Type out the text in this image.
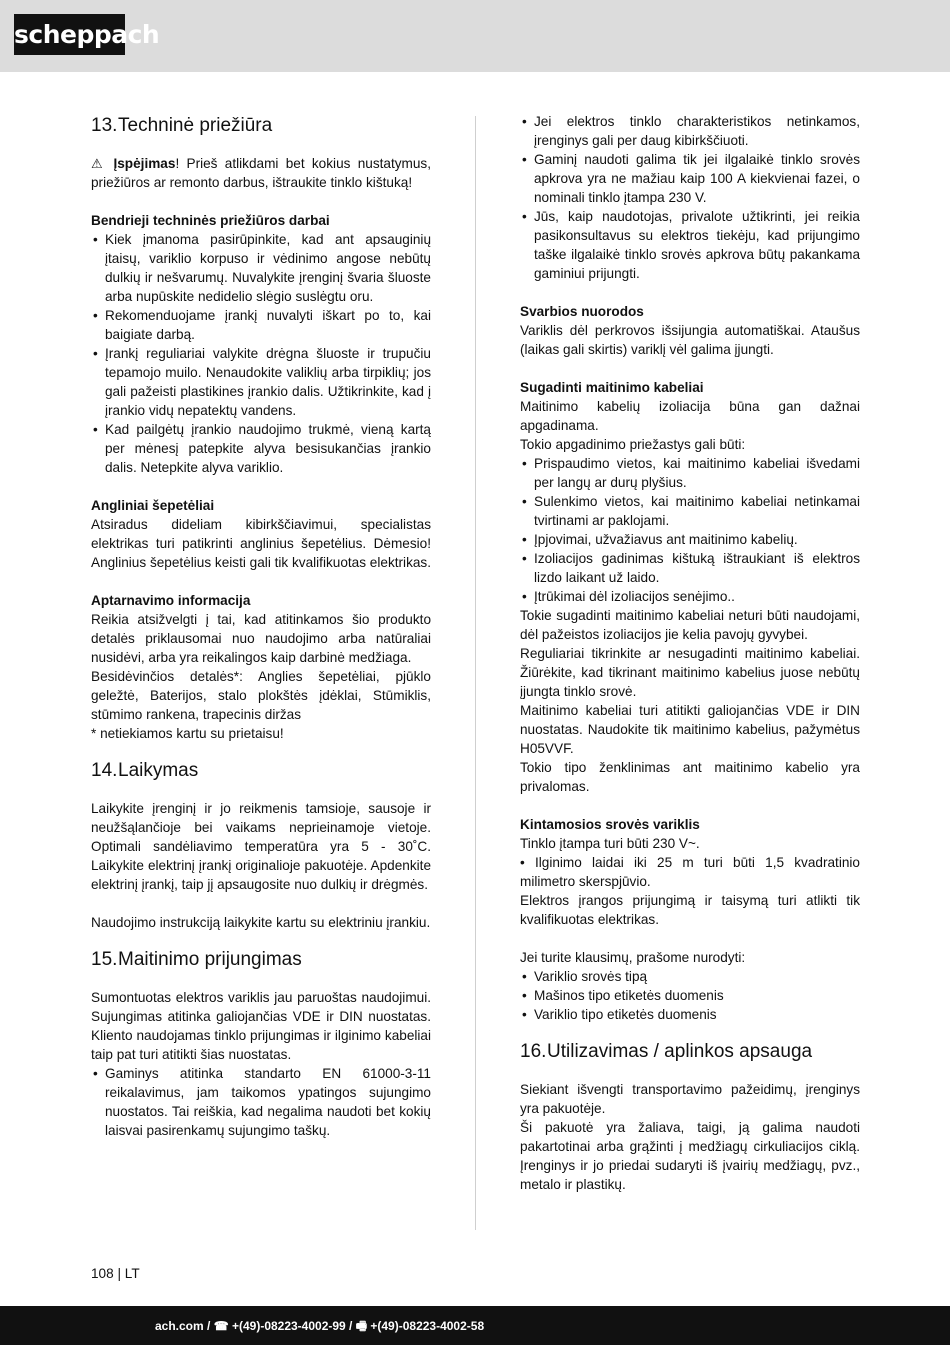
scheppach
13.Techninė priežiūra

⚠ Įspėjimas! Prieš atlikdami bet kokius nustatymus, priežiūros ar remonto darbus, ištraukite tinklo kištuką!

Bendrieji techninės priežiūros darbai

• Kiek įmanoma pasirūpinkite, kad ant apsauginių įtaisų, variklio korpuso ir vėdinimo angose nebūtų dulkių ir nešvarumų. Nuvalykite įrenginį švaria šluoste arba nupūskite nedidelio slėgio suslėgtu oru.
• Rekomenduojame įrankį nuvalyti iškart po to, kai baigiate darbą.
• Įrankį reguliariai valykite drėgna šluoste ir trupučiu tepamojo muilo. Nenaudokite valiklių arba tirpiklių; jos gali pažeisti plastikines įrankio dalis. Užtikrinkite, kad į įrankio vidų nepatektų vandens.
• Kad pailgėtų įrankio naudojimo trukmė, vieną kartą per mėnesį patepkite alyva besisukančias įrankio dalis. Netepkite alyva variklio.

Angliniai šepetėliai

Atsiradus dideliam kibirkščiavimui, specialistas elektrikas turi patikrinti anglinius šepetėlius. Dėmesio! Anglinius šepetėlius keisti gali tik kvalifikuotas elektrikas.

Aptarnavimo informacija

Reikia atsižvelgti į tai, kad atitinkamos šio produkto detalės priklausomai nuo naudojimo arba natūraliai nusidėvi, arba yra reikalingos kaip darbinė medžiaga.

Besidėvinčios detalės*: Anglies šepetėliai, pjūklo geležtė, Baterijos, stalo plokštės įdėklai, Stūmiklis, stūmimo rankena, trapecinis diržas

* netiekiamos kartu su prietaisu!

14.Laikymas

Laikykite įrenginį ir jo reikmenis tamsioje, sausoje ir neužšąlančioje bei vaikams neprieinamoje vietoje. Optimali sandėliavimo temperatūra yra 5 - 30˚C. Laikykite elektrinį įrankį originalioje pakuotėje. Apdenkite elektrinį įrankį, taip jį apsaugosite nuo dulkių ir drėgmės.

Naudojimo instrukciją laikykite kartu su elektriniu įrankiu.

15.Maitinimo prijungimas

Sumontuotas elektros variklis jau paruoštas naudojimui. Sujungimas atitinka galiojančias VDE ir DIN nuostatas. Kliento naudojamas tinklo prijungimas ir ilginimo kabeliai taip pat turi atitikti šias nuostatas.

• Gaminys atitinka standarto EN 61000-3-11 reikalavimus, jam taikomos ypatingos sujungimo nuostatos. Tai reiškia, kad negalima naudoti bet kokių laisvai pasirenkamų sujungimo taškų.
• Jei elektros tinklo charakteristikos netinkamos, įrenginys gali per daug kibirkščiuoti.
• Gaminį naudoti galima tik jei ilgalaikė tinklo srovės apkrova yra ne mažiau kaip 100 A kiekvienai fazei, o nominali tinklo įtampa 230 V.
• Jūs, kaip naudotojas, privalote užtikrinti, jei reikia pasikonsultavus su elektros tiekėju, kad prijungimo taške ilgalaikė tinklo srovės apkrova būtų pakankama gaminiui prijungti.

Svarbios nuorodos

Variklis dėl perkrovos išsijungia automatiškai. Ataušus (laikas gali skirtis) variklį vėl galima įjungti.

Sugadinti maitinimo kabeliai

Maitinimo kabelių izoliacija būna gan dažnai apgadinama.

Tokio apgadinimo priežastys gali būti:

• Prispaudimo vietos, kai maitinimo kabeliai išvedami per langų ar durų plyšius.
• Sulenkimo vietos, kai maitinimo kabeliai netinkamai tvirtinami ar paklojami.
• Įpjovimai, užvažiavus ant maitinimo kabelių.
• Izoliacijos gadinimas kištuką ištraukiant iš elektros lizdo laikant už laido.
• Įtrūkimai dėl izoliacijos senėjimo..

Tokie sugadinti maitinimo kabeliai neturi būti naudojami, dėl pažeistos izoliacijos jie kelia pavojų gyvybei.

Reguliariai tikrinkite ar nesugadinti maitinimo kabeliai. Žiūrėkite, kad tikrinant maitinimo kabelius juose nebūtų įjungta tinklo srovė.

Maitinimo kabeliai turi atitikti galiojančias VDE ir DIN nuostatas. Naudokite tik maitinimo kabelius, pažymėtus H05VVF.

Tokio tipo ženklinimas ant maitinimo kabelio yra privalomas.

Kintamosios srovės variklis

Tinklo įtampa turi būti 230 V~.

• Ilginimo laidai iki 25 m turi būti 1,5 kvadratinio milimetro skerspjūvio.

Elektros įrangos prijungimą ir taisymą turi atlikti tik kvalifikuotas elektrikas.

Jei turite klausimų, prašome nurodyti:

• Variklio srovės tipą
• Mašinos tipo etiketės duomenis
• Variklio tipo etiketės duomenis
16.Utilizavimas / aplinkos apsauga

Siekiant išvengti transportavimo pažeidimų, įrenginys yra pakuotėje.

Ši pakuotė yra žaliava, taigi, ją galima naudoti pakartotinai arba grąžinti į medžiagų cirkuliacijos ciklą. Įrenginys ir jo priedai sudaryti iš įvairių medžiagų, pvz., metalo ir plastikų.

108 | LT
ach.com / ☎ +(49)-08223-4002-99 / 🖷 +(49)-08223-4002-58
